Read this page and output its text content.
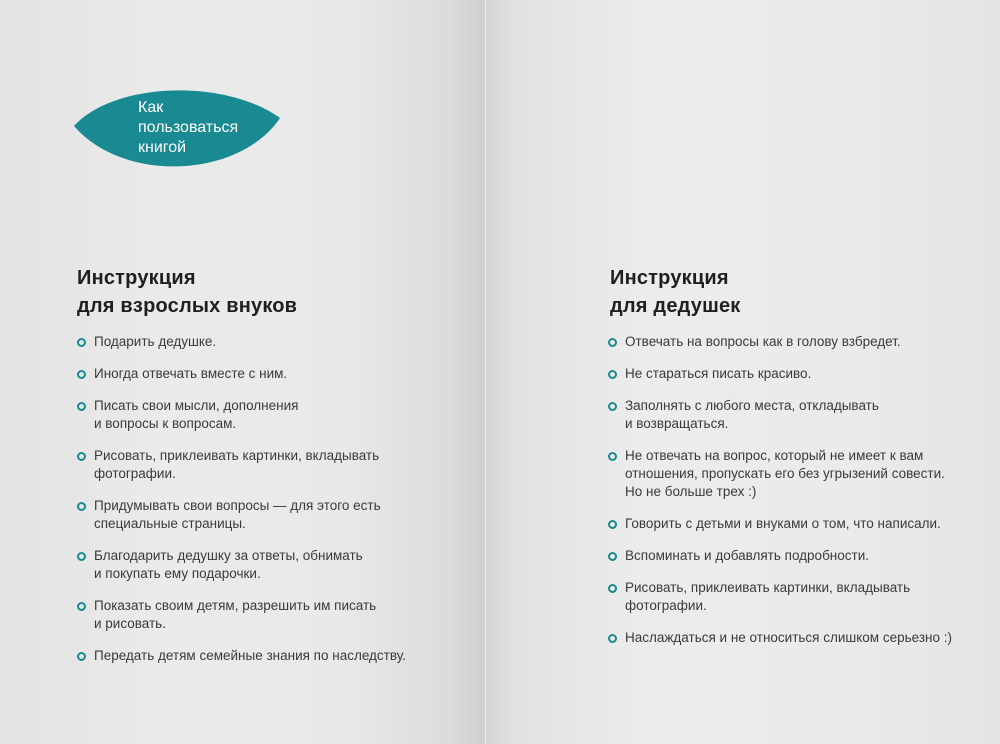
Как
пользоваться
книгой
Инструкция
для взрослых внуков
Подарить дедушке.
Иногда отвечать вместе с ним.
Писать свои мысли, дополнения
и вопросы к вопросам.
Рисовать, приклеивать картинки, вкладывать
фотографии.
Придумывать свои вопросы — для этого есть
специальные страницы.
Благодарить дедушку за ответы, обнимать
и покупать ему подарочки.
Показать своим детям, разрешить им писать
и рисовать.
Передать детям семейные знания по наследству.
Инструкция
для дедушек
Отвечать на вопросы как в голову взбредет.
Не стараться писать красиво.
Заполнять с любого места, откладывать
и возвращаться.
Не отвечать на вопрос, который не имеет к вам
отношения, пропускать его без угрызений совести.
Но не больше трех :)
Говорить с детьми и внуками о том, что написали.
Вспоминать и добавлять подробности.
Рисовать, приклеивать картинки, вкладывать
фотографии.
Наслаждаться и не относиться слишком серьезно :)
